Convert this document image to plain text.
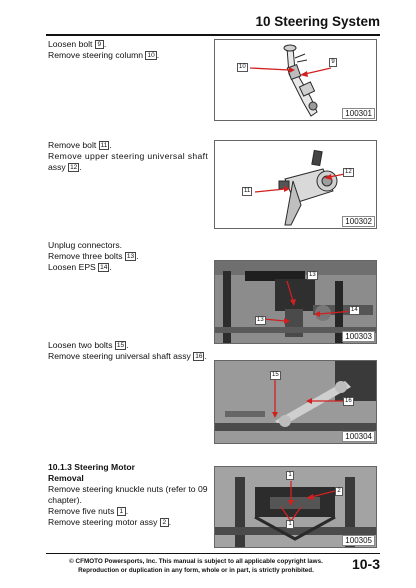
10 Steering System
Loosen bolt 9 .
Remove steering column 10 .
10
9
100301
Remove bolt 11 .
Remove upper steering universal shaft
assy 12 .	12
11
100302
Unplug connectors.
Remove three bolts 13 .
Loosen EPS 14 .
13
14
13
100303
Loosen two bolts 15 .
Remove steering universal shaft assy 16 .
15
16
100304
10.1.3 Steering Motor
Removal
Remove steering knuckle nuts (refer to 09
chapter).
Remove five nuts 1 .
Remove steering motor assy 2 .
1
2
1
100305
© CFMOTO Powersports, Inc. This manual is subject to all applicable copyright laws.
Reproduction or duplication in any form, whole or in part, is strictly prohibited.	10-3
